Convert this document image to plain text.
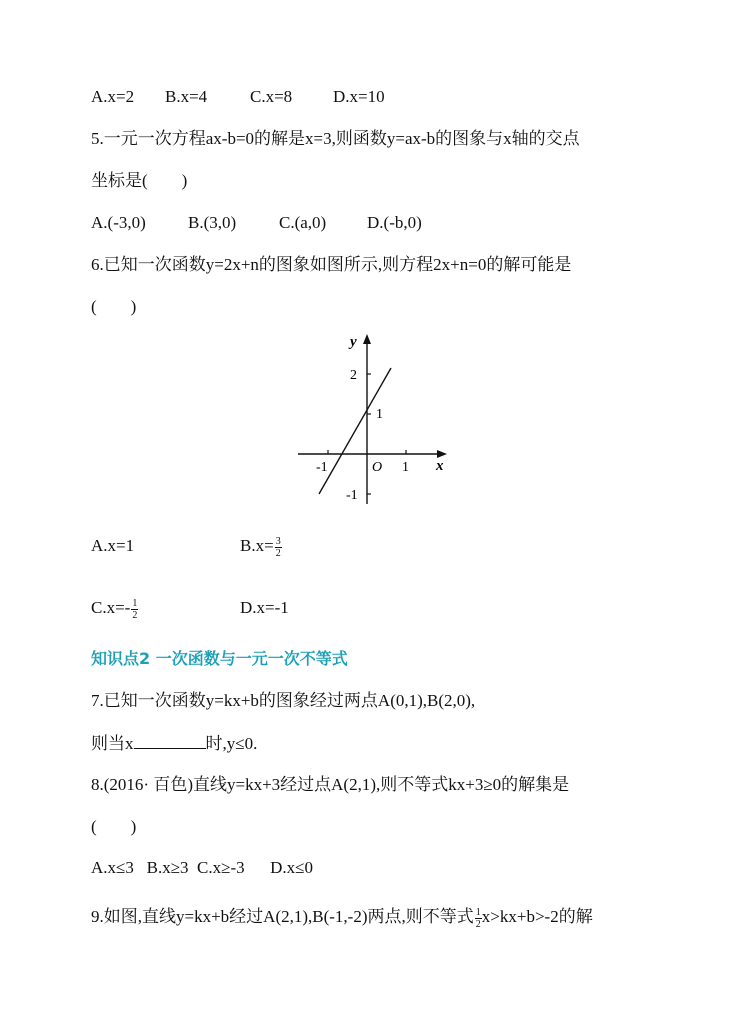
A.x=2 B.x=4	C.x=8 D.x=10
5.一元一次方程ax-b=0的解是x=3,则函数y=ax-b的图象与x轴的交点
坐标是(　　)
A.(-3,0) B.(3,0)	C.(a,0) D.(-b,0)
6.已知一次函数y=2x+n的图象如图所示,则方程2x+n=0的解可能是
(　　)
y
x
O
2
1
-1
-1	1
A.x=1	$B.x= \frac{3}{2}$
$C.x=- \frac{1}{2}$	D.x=-1
知识点2 一次函数与一元一次不等式
7.已知一次函数y=kx+b的图象经过两点A(0,1),B(2,0),
则当x	时,y≤0.
8.(2016· 百色)直线y=kx+3经过点A(2,1),则不等式kx+3≥0的解集是
(　　)
A.x≤3   B.x≥3  C.x≥-3      D.x≤0
9.如图,直线y=kx+b经过A(2,1),B(-1,-2)两点,则不等式 $\frac{1}{2} x>kx+b>-2$的解
